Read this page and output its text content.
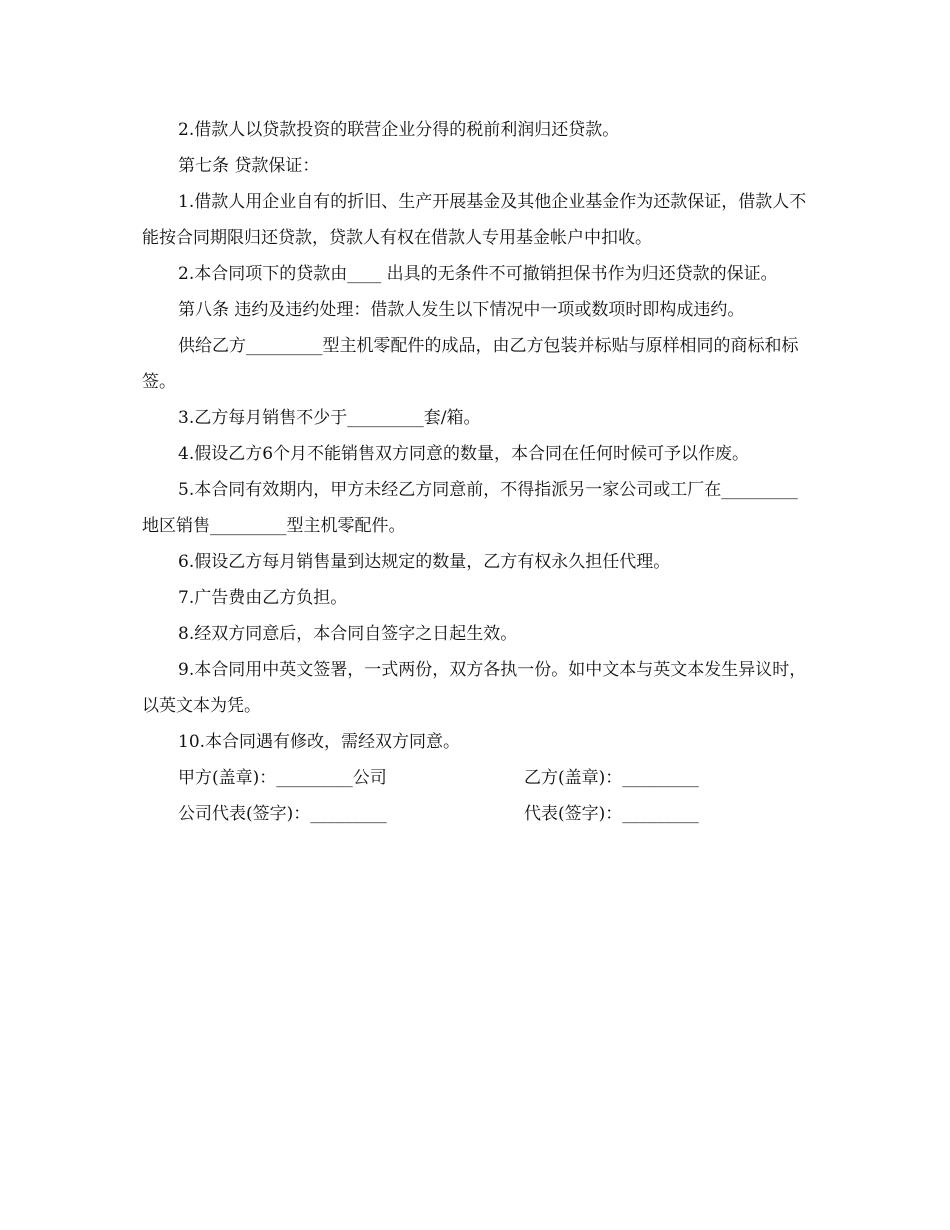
2.借款人以贷款投资的联营企业分得的税前利润归还贷款。

第七条 贷款保证：

1.借款人用企业自有的折旧、生产开展基金及其他企业基金作为还款保证，借款人不能按合同期限归还贷款，贷款人有权在借款人专用基金帐户中扣收。

2.本合同项下的贷款由____ 出具的无条件不可撤销担保书作为归还贷款的保证。

第八条 违约及违约处理：借款人发生以下情况中一项或数项时即构成违约。

供给乙方_________型主机零配件的成品，由乙方包装并标贴与原样相同的商标和标签。

3.乙方每月销售不少于_________套/箱。

4.假设乙方6个月不能销售双方同意的数量，本合同在任何时候可予以作废。

5.本合同有效期内，甲方未经乙方同意前，不得指派另一家公司或工厂在_________地区销售_________型主机零配件。

6.假设乙方每月销售量到达规定的数量，乙方有权永久担任代理。

7.广告费由乙方负担。

8.经双方同意后，本合同自签字之日起生效。

9.本合同用中英文签署，一式两份，双方各执一份。如中文本与英文本发生异议时，以英文本为凭。

10.本合同遇有修改，需经双方同意。

甲方(盖章)：_________公司

	乙方(盖章)：_________

公司代表(签字)：_________

	代表(签字)：_________
